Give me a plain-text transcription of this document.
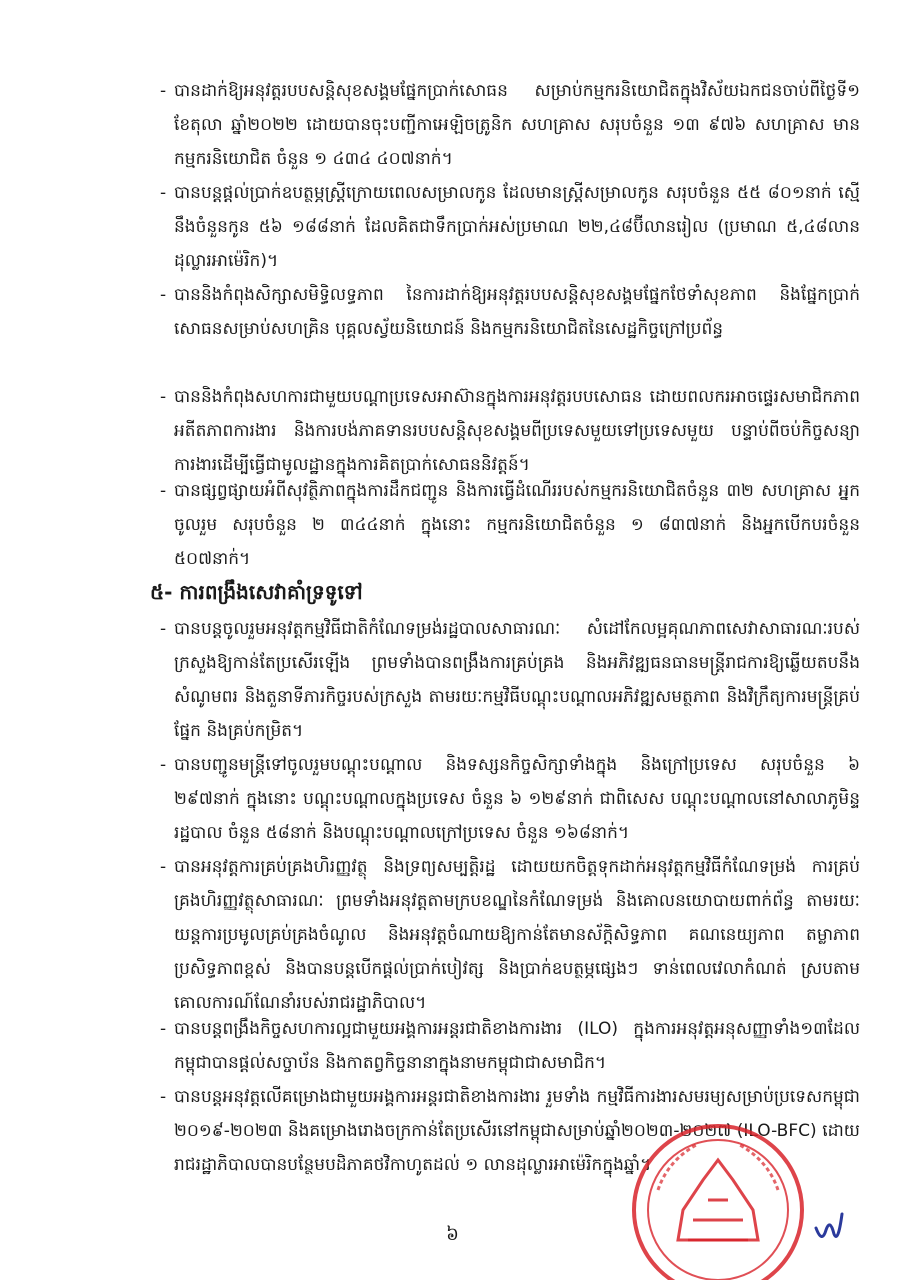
- បានដាក់ឱ្យអនុវត្តរបបសន្តិសុខសង្គមផ្នែកប្រាក់សោធន សម្រាប់កម្មករនិយោជិតក្នុងវិស័យឯកជនចាប់ពីថ្ងៃទី១ ខែតុលា ឆ្នាំ២០២២ ដោយបានចុះបញ្ជីកាអេឡិចត្រូនិក សហគ្រាស សរុបចំនួន ១៣ ៩៧៦ សហគ្រាស មានកម្មករនិយោជិត ចំនួន ១ ៤៣៤ ៤០៧នាក់។
- បានបន្តផ្តល់ប្រាក់ឧបត្ថម្ភស្ត្រីក្រោយពេលសម្រាលកូន ដែលមានស្ត្រីសម្រាលកូន សរុបចំនួន ៥៥ ៨០១នាក់ ស្មើនឹងចំនួនកូន ៥៦ ១៨៨នាក់ ដែលគិតជាទឹកប្រាក់អស់ប្រមាណ ២២,៤៨ប៊ីលានរៀល (ប្រមាណ ៥,៤៨លានដុល្លារអាម៉េរិក)។
- បាននិងកំពុងសិក្សាសមិទ្ធិលទ្ធភាព នៃការដាក់ឱ្យអនុវត្តរបបសន្តិសុខសង្គមផ្នែកថែទាំសុខភាព និងផ្នែកប្រាក់សោធនសម្រាប់សហគ្រិន បុគ្គលស្វ័យនិយោជន៍ និងកម្មករនិយោជិតនៃសេដ្ឋកិច្ចក្រៅប្រព័ន្ធ
- បាននិងកំពុងសហការជាមួយបណ្តាប្រទេសអាស៊ានក្នុងការអនុវត្តរបបសោធន ដោយពលករអាចផ្ទេរសមាជិកភាព អតីតភាពការងារ និងការបង់ភាគទានរបបសន្តិសុខសង្គមពីប្រទេសមួយទៅប្រទេសមួយ បន្ទាប់ពីចប់កិច្ចសន្យាការងារដើម្បីធ្វើជាមូលដ្ឋានក្នុងការគិតប្រាក់សោធននិវត្តន៍។
- បានផ្សព្វផ្សាយអំពីសុវត្ថិភាពក្នុងការដឹកជញ្ជូន និងការធ្វើដំណើររបស់កម្មករនិយោជិតចំនួន ៣២ សហគ្រាស អ្នកចូលរួម សរុបចំនួន ២ ៣៤៤នាក់ ក្នុងនោះ កម្មករនិយោជិតចំនួន ១ ៨៣៧នាក់ និងអ្នកបើកបរចំនួន ៥០៧នាក់។
៥- ការពង្រឹងសេវាគាំទ្រទូទៅ
- បានបន្តចូលរួមអនុវត្តកម្មវិធីជាតិកំណែទម្រង់រដ្ឋបាលសាធារណៈ សំដៅកែលម្អគុណភាពសេវាសាធារណៈរបស់ក្រសួងឱ្យកាន់តែប្រសើរឡើង ព្រមទាំងបានពង្រឹងការគ្រប់គ្រង និងអភិវឌ្ឍធនធានមន្ត្រីរាជការឱ្យឆ្លើយតបនឹងសំណូមពរ និងតួនាទីភារកិច្ចរបស់ក្រសួង តាមរយៈកម្មវិធីបណ្តុះបណ្តាលអភិវឌ្ឍសមត្ថភាព និងវិក្រឹត្យការមន្ត្រីគ្រប់ផ្នែក និងគ្រប់កម្រិត។
- បានបញ្ជូនមន្ត្រីទៅចូលរួមបណ្តុះបណ្តាល និងទស្សនកិច្ចសិក្សាទាំងក្នុង និងក្រៅប្រទេស សរុបចំនួន ៦ ២៩៧នាក់ ក្នុងនោះ បណ្តុះបណ្តាលក្នុងប្រទេស ចំនួន ៦ ១២៩នាក់ ជាពិសេស បណ្តុះបណ្តាលនៅសាលាភូមិន្ទរដ្ឋបាល ចំនួន ៥៨នាក់ និងបណ្តុះបណ្តាលក្រៅប្រទេស ចំនួន ១៦៨នាក់។
- បានអនុវត្តការគ្រប់គ្រងហិរញ្ញវត្ថុ និងទ្រព្យសម្បត្តិរដ្ឋ ដោយយកចិត្តទុកដាក់អនុវត្តកម្មវិធីកំណែទម្រង់ ការគ្រប់គ្រងហិរញ្ញវត្ថុសាធារណៈ ព្រមទាំងអនុវត្តតាមក្របខណ្ឌនៃកំណែទម្រង់ និងគោលនយោបាយពាក់ព័ន្ធ តាមរយៈយន្តការប្រមូលគ្រប់គ្រងចំណូល និងអនុវត្តចំណាយឱ្យកាន់តែមានស័ក្តិសិទ្ធភាព គណនេយ្យភាព តម្លាភាព ប្រសិទ្ធភាពខ្ពស់ និងបានបន្តបើកផ្តល់ប្រាក់បៀវត្ស និងប្រាក់ឧបត្ថម្ភផ្សេងៗ ទាន់ពេលវេលាកំណត់ ស្របតាមគោលការណ៍ណែនាំរបស់រាជរដ្ឋាភិបាល។
- បានបន្តពង្រឹងកិច្ចសហការល្អជាមួយអង្គការអន្តរជាតិខាងការងារ (ILO) ក្នុងការអនុវត្តអនុសញ្ញាទាំង១៣ដែលកម្ពុជាបានផ្តល់សច្ចាប័ន និងកាតព្វកិច្ចនានាក្នុងនាមកម្ពុជាជាសមាជិក។
- បានបន្តអនុវត្តលើគម្រោងជាមួយអង្គការអន្តរជាតិខាងការងារ រួមទាំង កម្មវិធីការងារសមរម្យសម្រាប់ប្រទេសកម្ពុជា ២០១៩-២០២៣ និងគម្រោងរោងចក្រកាន់តែប្រសើរនៅកម្ពុជាសម្រាប់ឆ្នាំ២០២៣-២០២៧ (ILO-BFC) ដោយរាជរដ្ឋាភិបាលបានបន្ថែមបដិភាគថវិកាហូតដល់ ១ លានដុល្លារអាម៉េរិកក្នុងឆ្នាំ។
៦
